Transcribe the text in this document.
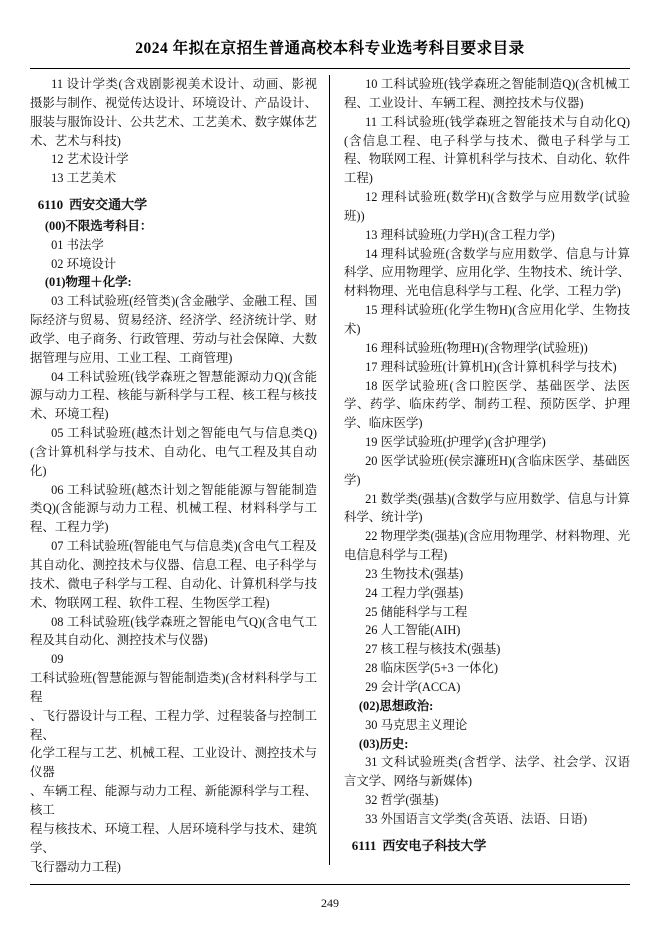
2024 年拟在京招生普通高校本科专业选考科目要求目录
11 设计学类(含戏剧影视美术设计、动画、影视摄影与制作、视觉传达设计、环境设计、产品设计、服装与服饰设计、公共艺术、工艺美术、数字媒体艺术、艺术与科技)
12 艺术设计学
13 工艺美术
6110 西安交通大学
(00)不限选考科目：
01 书法学
02 环境设计
(01)物理＋化学:
03 工科试验班(经管类)(含金融学、金融工程、国际经济与贸易、贸易经济、经济学、经济统计学、财政学、电子商务、行政管理、劳动与社会保障、大数据管理与应用、工业工程、工商管理)
04 工科试验班(钱学森班之智慧能源动力Q)(含能源与动力工程、核能与新科学与工程、核工程与核技术、环境工程)
05 工科试验班(越杰计划之智能电气与信息类Q)(含计算机科学与技术、自动化、电气工程及其自动化)
06 工科试验班(越杰计划之智能能源与智能制造类Q)(含能源与动力工程、机械工程、材料科学与工程、工程力学)
07 工科试验班(智能电气与信息类)(含电气工程及其自动化、测控技术与仪器、信息工程、电子科学与技术、微电子科学与工程、自动化、计算机科学与技术、物联网工程、软件工程、生物医学工程)
08 工科试验班(钱学森班之智能电气Q)(含电气工程及其自动化、测控技术与仪器)
09
工科试验班(智慧能源与智能制造类)(含材料科学与工程
、飞行器设计与工程、工程力学、过程装备与控制工程、
化学工程与工艺、机械工程、工业设计、测控技术与仪器
、车辆工程、能源与动力工程、新能源科学与工程、核工
程与核技术、环境工程、人居环境科学与技术、建筑学、
飞行器动力工程)
10 工科试验班(钱学森班之智能制造Q)(含机械工程、工业设计、车辆工程、测控技术与仪器)
11 工科试验班(钱学森班之智能技术与自动化Q)(含信息工程、电子科学与技术、微电子科学与工程、物联网工程、计算机科学与技术、自动化、软件工程)
12 理科试验班(数学H)(含数学与应用数学(试验班))
13 理科试验班(力学H)(含工程力学)
14 理科试验班(含数学与应用数学、信息与计算科学、应用物理学、应用化学、生物技术、统计学、材料物理、光电信息科学与工程、化学、工程力学)
15 理科试验班(化学生物H)(含应用化学、生物技术)
16 理科试验班(物理H)(含物理学(试验班))
17 理科试验班(计算机H)(含计算机科学与技术)
18 医学试验班(含口腔医学、基础医学、法医学、药学、临床药学、制药工程、预防医学、护理学、临床医学)
19 医学试验班(护理学)(含护理学)
20 医学试验班(侯宗濂班H)(含临床医学、基础医学)
21 数学类(强基)(含数学与应用数学、信息与计算科学、统计学)
22 物理学类(强基)(含应用物理学、材料物理、光电信息科学与工程)
23 生物技术(强基)
24 工程力学(强基)
25 储能科学与工程
26 人工智能(AIH)
27 核工程与核技术(强基)
28 临床医学(5+3 一体化)
29 会计学(ACCA)
(02)思想政治:
30 马克思主义理论
(03)历史:
31 文科试验班类(含哲学、法学、社会学、汉语言文学、网络与新媒体)
32 哲学(强基)
33 外国语言文学类(含英语、法语、日语)
6111 西安电子科技大学
249
